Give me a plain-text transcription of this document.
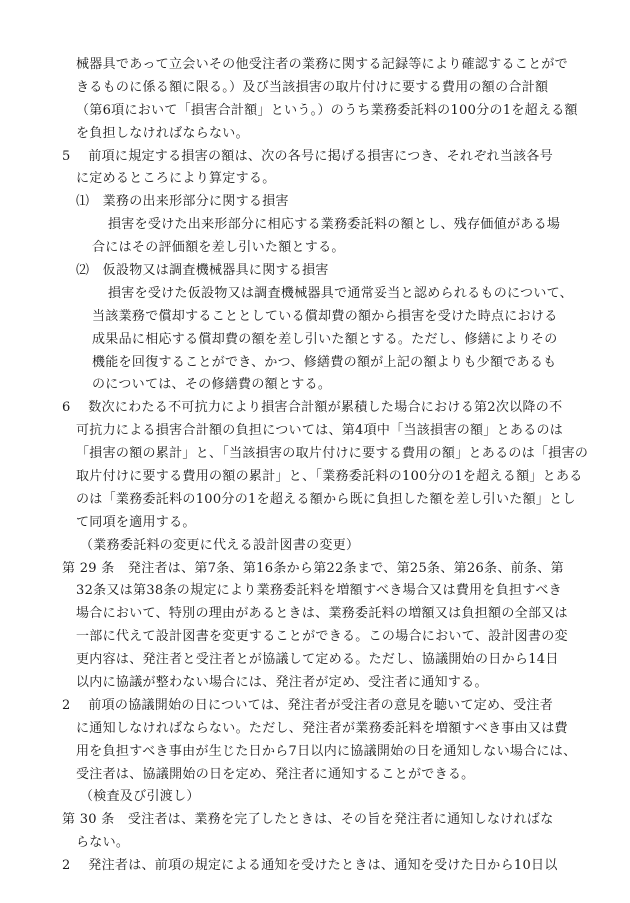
械器具であって立会いその他受注者の業務に関する記録等により確認することがで
きるものに係る額に限る。）及び当該損害の取片付けに要する費用の額の合計額
（第6項において「損害合計額」という。）のうち業務委託料の100分の1を超える額
を負担しなければならない。
5　 前項に規定する損害の額は、次の各号に掲げる損害につき、それぞれ当該各号
に定めるところにより算定する。
⑴　業務の出来形部分に関する損害
損害を受けた出来形部分に相応する業務委託料の額とし、残存価値がある場
合にはその評価額を差し引いた額とする。
⑵　仮設物又は調査機械器具に関する損害
損害を受けた仮設物又は調査機械器具で通常妥当と認められるものについて、
当該業務で償却することとしている償却費の額から損害を受けた時点における
成果品に相応する償却費の額を差し引いた額とする。ただし、修繕によりその
機能を回復することができ、かつ、修繕費の額が上記の額よりも少額であるも
のについては、その修繕費の額とする。
6　 数次にわたる不可抗力により損害合計額が累積した場合における第2次以降の不
可抗力による損害合計額の負担については、第4項中「当該損害の額」とあるのは
「損害の額の累計」と、「当該損害の取片付けに要する費用の額」とあるのは「損害の
取片付けに要する費用の額の累計」と、「業務委託料の100分の1を超える額」とある
のは「業務委託料の100分の1を超える額から既に負担した額を差し引いた額」とし
て同項を適用する。
（業務委託料の変更に代える設計図書の変更）
第 29 条　発注者は、第7条、第16条から第22条まで、第25条、第26条、前条、第
32条又は第38条の規定により業務委託料を増額すべき場合又は費用を負担すべき
場合において、特別の理由があるときは、業務委託料の増額又は負担額の全部又は
一部に代えて設計図書を変更することができる。この場合において、設計図書の変
更内容は、発注者と受注者とが協議して定める。ただし、協議開始の日から14日
以内に協議が整わない場合には、発注者が定め、受注者に通知する。
2　 前項の協議開始の日については、発注者が受注者の意見を聴いて定め、受注者
に通知しなければならない。ただし、発注者が業務委託料を増額すべき事由又は費
用を負担すべき事由が生じた日から7日以内に協議開始の日を通知しない場合には、
受注者は、協議開始の日を定め、発注者に通知することができる。
（検査及び引渡し）
第 30 条　受注者は、業務を完了したときは、その旨を発注者に通知しなければな
らない。
2　 発注者は、前項の規定による通知を受けたときは、通知を受けた日から10日以
